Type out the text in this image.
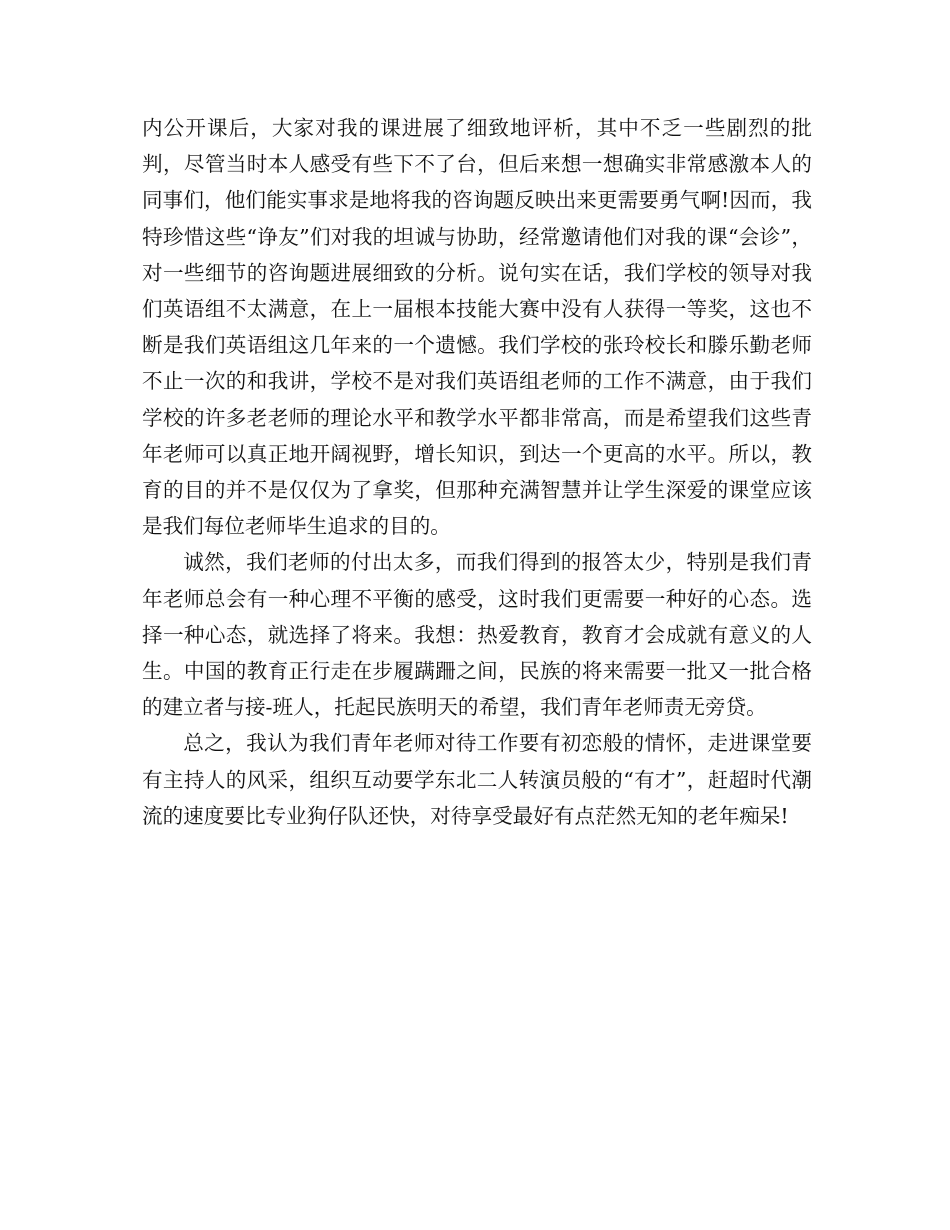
内公开课后，大家对我的课进展了细致地评析，其中不乏一些剧烈的批判，尽管当时本人感受有些下不了台，但后来想一想确实非常感激本人的同事们，他们能实事求是地将我的咨询题反映出来更需要勇气啊!因而，我特珍惜这些“诤友”们对我的坦诚与协助，经常邀请他们对我的课“会诊”，对一些细节的咨询题进展细致的分析。说句实在话，我们学校的领导对我们英语组不太满意，在上一届根本技能大赛中没有人获得一等奖，这也不断是我们英语组这几年来的一个遗憾。我们学校的张玲校长和滕乐勤老师不止一次的和我讲，学校不是对我们英语组老师的工作不满意，由于我们学校的许多老老师的理论水平和教学水平都非常高，而是希望我们这些青年老师可以真正地开阔视野，增长知识，到达一个更高的水平。所以，教育的目的并不是仅仅为了拿奖，但那种充满智慧并让学生深爱的课堂应该是我们每位老师毕生追求的目的。

诚然，我们老师的付出太多，而我们得到的报答太少，特别是我们青年老师总会有一种心理不平衡的感受，这时我们更需要一种好的心态。选择一种心态，就选择了将来。我想：热爱教育，教育才会成就有意义的人生。中国的教育正行走在步履蹒跚之间，民族的将来需要一批又一批合格的建立者与接-班人，托起民族明天的希望，我们青年老师责无旁贷。

总之，我认为我们青年老师对待工作要有初恋般的情怀，走进课堂要有主持人的风采，组织互动要学东北二人转演员般的“有才”，赶超时代潮流的速度要比专业狗仔队还快，对待享受最好有点茫然无知的老年痴呆!
